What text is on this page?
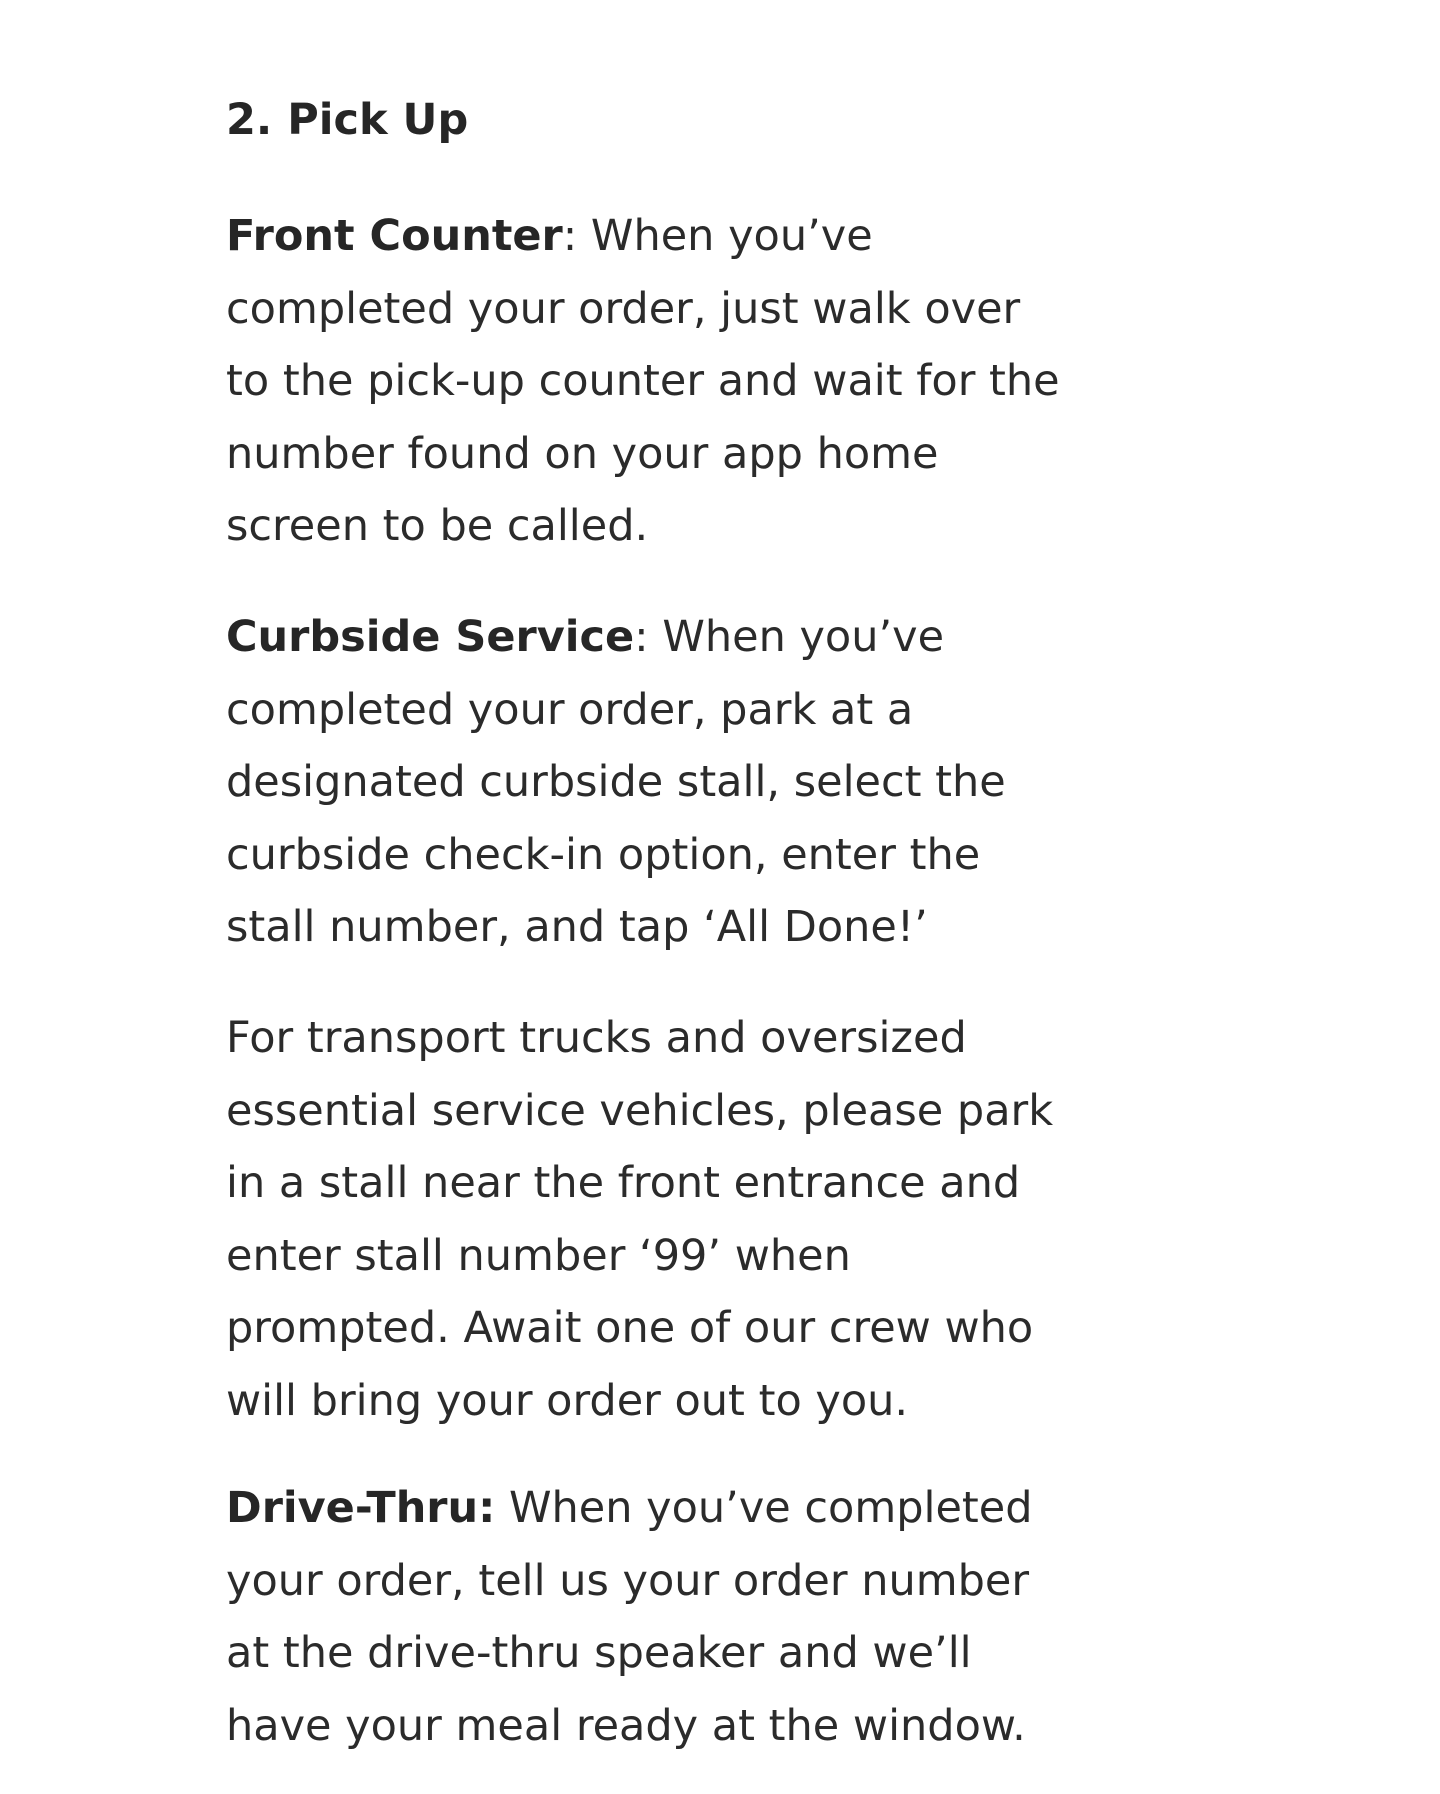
2. Pick Up

Front Counter: When you’ve
completed your order, just walk over
to the pick-up counter and wait for the
number found on your app home
screen to be called.

Curbside Service: When you’ve
completed your order, park at a
designated curbside stall, select the
curbside check-in option, enter the
stall number, and tap ‘All Done!’

For transport trucks and oversized
essential service vehicles, please park
in a stall near the front entrance and
enter stall number ‘99’ when
prompted. Await one of our crew who
will bring your order out to you.

Drive-Thru: When you’ve completed
your order, tell us your order number
at the drive-thru speaker and we’ll
have your meal ready at the window.
